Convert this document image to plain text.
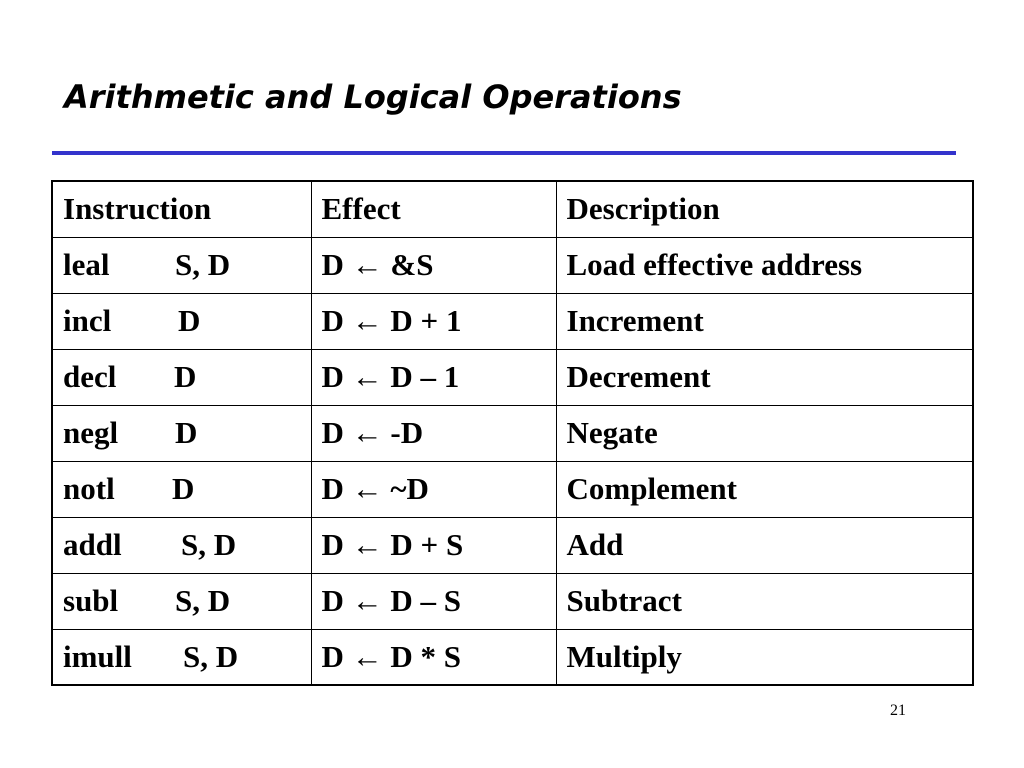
Arithmetic and Logical Operations
Instruction	Effect	Description
leal S, D	D ← &S	Load effective address
incl D	D ← D + 1	Increment
decl D	D ← D – 1	Decrement
negl D	D ← -D	Negate
notl D	D ← ~D	Complement
addl S, D	D ← D + S	Add
subl S, D	D ← D – S	Subtract
imull S, D	D ← D * S	Multiply
21
